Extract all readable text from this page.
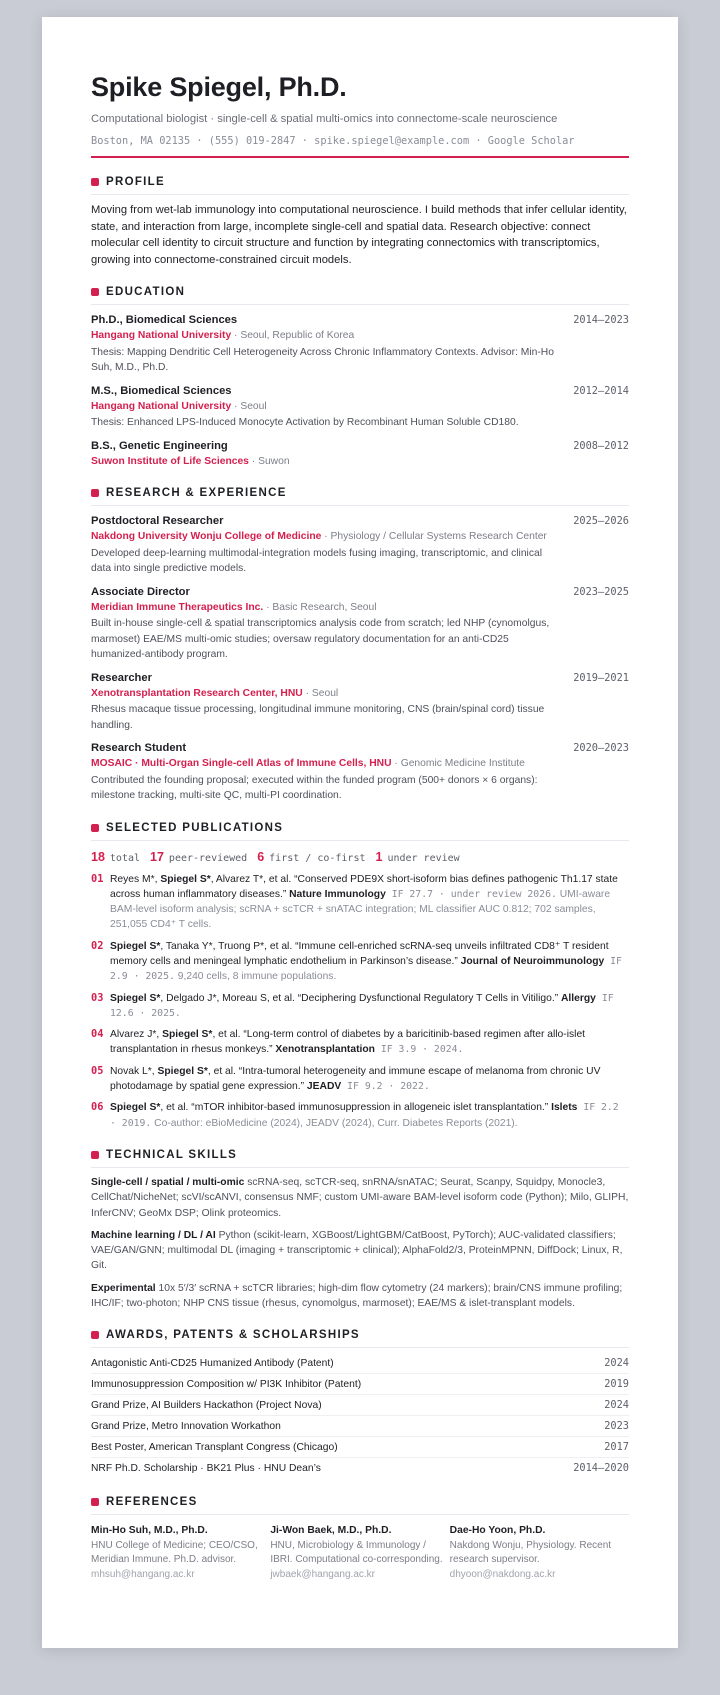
Spike Spiegel, Ph.D.
Computational biologist · single-cell & spatial multi-omics into connectome-scale neuroscience
Boston, MA 02135 · (555) 019-2847 · spike.spiegel@example.com · Google Scholar
PROFILE
Moving from wet-lab immunology into computational neuroscience. I build methods that infer cellular identity, state, and interaction from large, incomplete single-cell and spatial data. Research objective: connect molecular cell identity to circuit structure and function by integrating connectomics with transcriptomics, growing into connectome-constrained circuit models.
EDUCATION
Ph.D., Biomedical Sciences	2014–2023
Hangang National University · Seoul, Republic of Korea
Thesis: Mapping Dendritic Cell Heterogeneity Across Chronic Inflammatory Contexts. Advisor: Min-Ho Suh, M.D., Ph.D.
M.S., Biomedical Sciences	2012–2014
Hangang National University · Seoul
Thesis: Enhanced LPS-Induced Monocyte Activation by Recombinant Human Soluble CD180.
B.S., Genetic Engineering	2008–2012
Suwon Institute of Life Sciences · Suwon
RESEARCH & EXPERIENCE
Postdoctoral Researcher	2025–2026
Nakdong University Wonju College of Medicine · Physiology / Cellular Systems Research Center
Developed deep-learning multimodal-integration models fusing imaging, transcriptomic, and clinical data into single predictive models.
Associate Director	2023–2025
Meridian Immune Therapeutics Inc. · Basic Research, Seoul
Built in-house single-cell & spatial transcriptomics analysis code from scratch; led NHP (cynomolgus, marmoset) EAE/MS multi-omic studies; oversaw regulatory documentation for an anti-CD25 humanized-antibody program.
Researcher	2019–2021
Xenotransplantation Research Center, HNU · Seoul
Rhesus macaque tissue processing, longitudinal immune monitoring, CNS (brain/spinal cord) tissue handling.
Research Student	2020–2023
MOSAIC · Multi-Organ Single-cell Atlas of Immune Cells, HNU · Genomic Medicine Institute
Contributed the founding proposal; executed within the funded program (500+ donors × 6 organs): milestone tracking, multi-site QC, multi-PI coordination.
SELECTED PUBLICATIONS
18 total 17 peer-reviewed 6 first / co-first 1 under review
01 Reyes M*, Spiegel S*, Alvarez T*, et al. “Conserved PDE9X short-isoform bias defines pathogenic Th1.17 state across human inflammatory diseases.” Nature Immunology IF 27.7 · under review 2026. UMI-aware BAM-level isoform analysis; scRNA + scTCR + snATAC integration; ML classifier AUC 0.812; 702 samples, 251,055 CD4⁺ T cells.
02 Spiegel S*, Tanaka Y*, Truong P*, et al. “Immune cell-enriched scRNA-seq unveils infiltrated CD8⁺ T resident memory cells and meningeal lymphatic endothelium in Parkinson’s disease.” Journal of Neuroimmunology IF 2.9 · 2025. 9,240 cells, 8 immune populations.
03 Spiegel S*, Delgado J*, Moreau S, et al. “Deciphering Dysfunctional Regulatory T Cells in Vitiligo.” Allergy IF 12.6 · 2025.
04 Alvarez J*, Spiegel S*, et al. “Long-term control of diabetes by a baricitinib-based regimen after allo-islet transplantation in rhesus monkeys.” Xenotransplantation IF 3.9 · 2024.
05 Novak L*, Spiegel S*, et al. “Intra-tumoral heterogeneity and immune escape of melanoma from chronic UV photodamage by spatial gene expression.” JEADV IF 9.2 · 2022.
06 Spiegel S*, et al. “mTOR inhibitor-based immunosuppression in allogeneic islet transplantation.” Islets IF 2.2 · 2019. Co-author: eBioMedicine (2024), JEADV (2024), Curr. Diabetes Reports (2021).
TECHNICAL SKILLS
Single-cell / spatial / multi-omic scRNA-seq, scTCR-seq, snRNA/snATAC; Seurat, Scanpy, Squidpy, Monocle3, CellChat/NicheNet; scVI/scANVI, consensus NMF; custom UMI-aware BAM-level isoform code (Python); Milo, GLIPH, InferCNV; GeoMx DSP; Olink proteomics.
Machine learning / DL / AI Python (scikit-learn, XGBoost/LightGBM/CatBoost, PyTorch); AUC-validated classifiers; VAE/GAN/GNN; multimodal DL (imaging + transcriptomic + clinical); AlphaFold2/3, ProteinMPNN, DiffDock; Linux, R, Git.
Experimental 10x 5′/3′ scRNA + scTCR libraries; high-dim flow cytometry (24 markers); brain/CNS immune profiling; IHC/IF; two-photon; NHP CNS tissue (rhesus, cynomolgus, marmoset); EAE/MS & islet-transplant models.
AWARDS, PATENTS & SCHOLARSHIPS
Antagonistic Anti-CD25 Humanized Antibody (Patent)	2024
Immunosuppression Composition w/ PI3K Inhibitor (Patent)	2019
Grand Prize, AI Builders Hackathon (Project Nova)	2024
Grand Prize, Metro Innovation Workathon	2023
Best Poster, American Transplant Congress (Chicago)	2017
NRF Ph.D. Scholarship · BK21 Plus · HNU Dean’s	2014–2020
REFERENCES
Min-Ho Suh, M.D., Ph.D.
HNU College of Medicine; CEO/CSO, Meridian Immune. Ph.D. advisor.
mhsuh@hangang.ac.kr
Ji-Won Baek, M.D., Ph.D.
HNU, Microbiology & Immunology / IBRI. Computational co-corresponding.
jwbaek@hangang.ac.kr
Dae-Ho Yoon, Ph.D.
Nakdong Wonju, Physiology. Recent research supervisor.
dhyoon@nakdong.ac.kr
